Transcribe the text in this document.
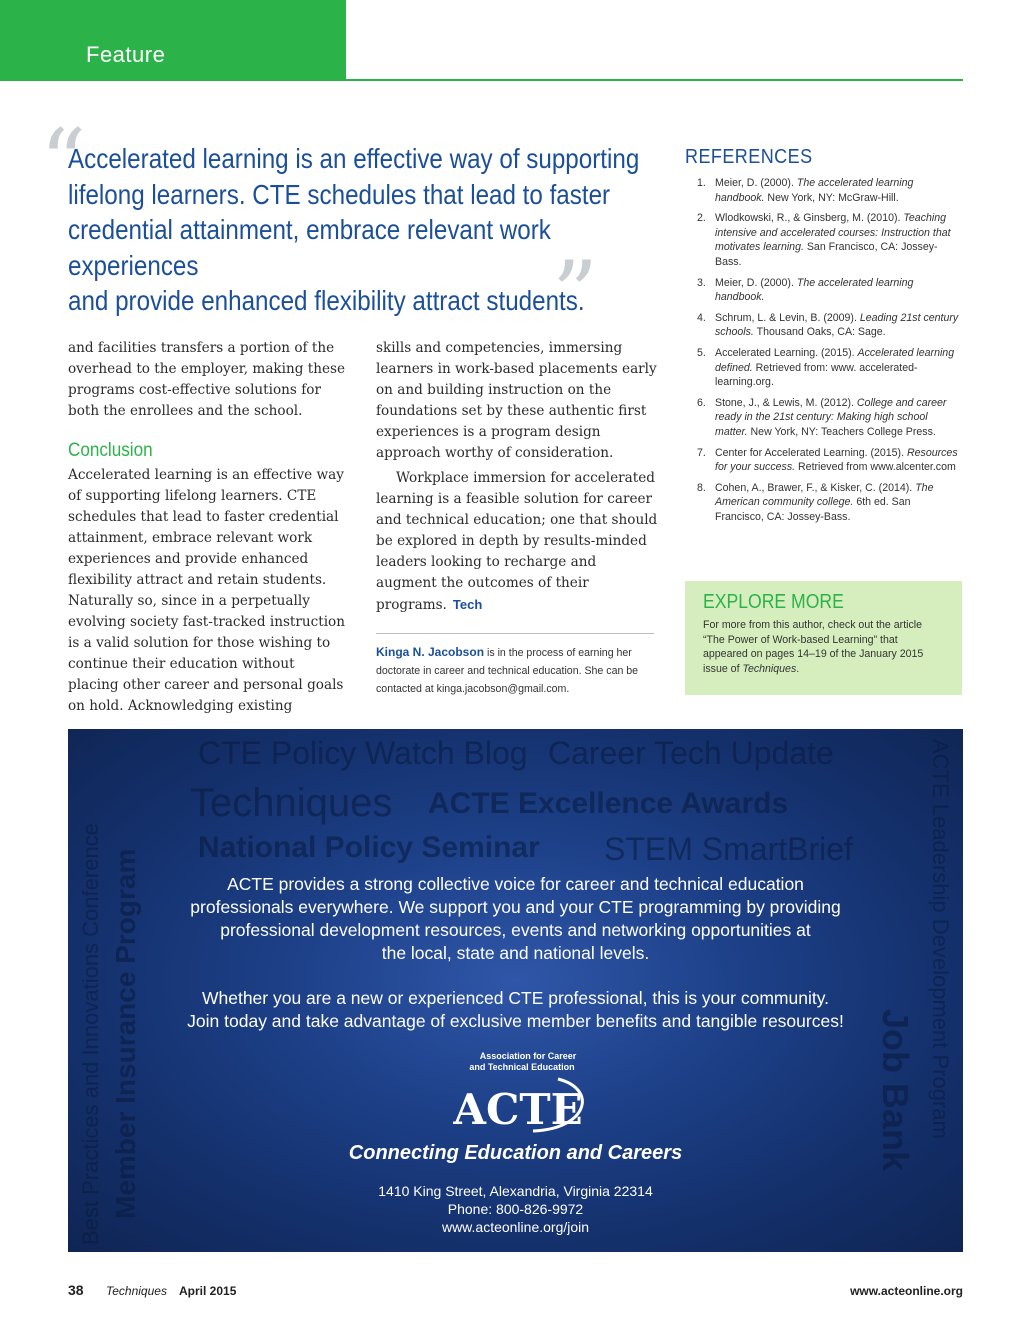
Feature
“
Accelerated learning is an effective way of supporting
lifelong learners. CTE schedules that lead to faster
credential attainment, embrace relevant work experiences
and provide enhanced flexibility attract students.
”
REFERENCES
1. Meier, D. (2000). The accelerated learning handbook. New York, NY: McGraw-Hill.
2. Wlodkowski, R., & Ginsberg, M. (2010). Teaching intensive and accelerated courses: Instruction that motivates learning. San Francisco, CA: Jossey-Bass.
3. Meier, D. (2000). The accelerated learning handbook.
4. Schrum, L. & Levin, B. (2009). Leading 21st century schools. Thousand Oaks, CA: Sage.
5. Accelerated Learning. (2015). Accelerated learning defined. Retrieved from: www. accelerated-learning.org.
6. Stone, J., & Lewis, M. (2012). College and career ready in the 21st century: Making high school matter. New York, NY: Teachers College Press.
7. Center for Accelerated Learning. (2015). Resources for your success. Retrieved from www.alcenter.com
8. Cohen, A., Brawer, F., & Kisker, C. (2014). The American community college. 6th ed. San Francisco, CA: Jossey-Bass.

and facilities transfers a portion of the overhead to the employer, making these programs cost-effective solutions for both the enrollees and the school.

Conclusion

Accelerated learning is an effective way of supporting lifelong learners. CTE schedules that lead to faster credential attainment, embrace relevant work experiences and provide enhanced flexibility attract and retain students. Naturally so, since in a perpetually evolving society fast-tracked instruction is a valid solution for those wishing to continue their education without placing other career and personal goals on hold. Acknowledging existing

skills and competencies, immersing learners in work-based placements early on and building instruction on the foundations set by these authentic first experiences is a program design approach worthy of consideration.

Workplace immersion for accelerated learning is a feasible solution for career and technical education; one that should be explored in depth by results-minded leaders looking to recharge and augment the outcomes of their programs. Tech

Kinga N. Jacobson is in the process of earning her doctorate in career and technical education. She can be contacted at kinga.jacobson@gmail.com.
EXPLORE MORE

For more from this author, check out the article “The Power of Work-based Learning” that appeared on pages 14–19 of the January 2015 issue of Techniques.

CTE Policy Watch Blog Career Tech Update
Techniques ACTE Excellence Awards
National Policy Seminar STEM SmartBrief
Best Practices and Innovations Conference Member Insurance Program	ACTE Leadership Development Program
Job Bank
ACTE provides a strong collective voice for career and technical education
professionals everywhere. We support you and your CTE programming by providing
professional development resources, events and networking opportunities at
the local, state and national levels.
Whether you are a new or experienced CTE professional, this is your community.
Join today and take advantage of exclusive member benefits and tangible resources!
Association for Career
and Technical Education
ACTE
Connecting Education and Careers
1410 King Street, Alexandria, Virginia 22314
Phone: 800-826-9972
www.acteonline.org/join
38 Techniques April 2015	www.acteonline.org
